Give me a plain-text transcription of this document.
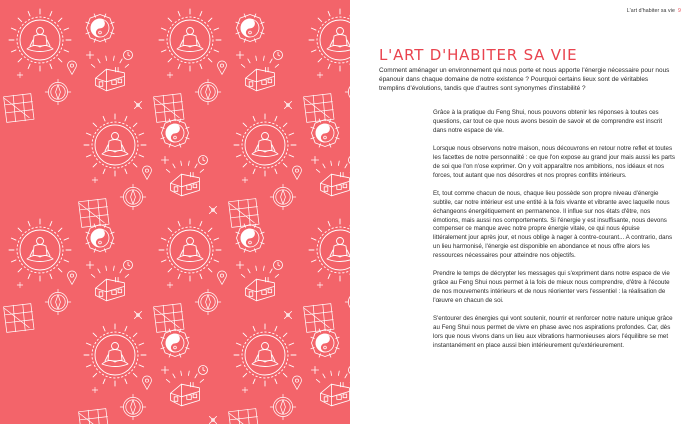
L'art d'habiter sa vie 9
L'ART D'HABITER SA VIE

Comment aménager un environnement qui nous porte et nous apporte l'énergie nécessaire pour nous épanouir dans chaque domaine de notre existence ? Pourquoi certains lieux sont de véritables tremplins d'évolutions, tandis que d'autres sont synonymes d'instabilité ?

Grâce à la pratique du Feng Shui, nous pouvons obtenir les réponses à toutes ces questions, car tout ce que nous avons besoin de savoir et de comprendre est inscrit dans notre espace de vie.

Lorsque nous observons notre maison, nous découvrons en retour notre reflet et toutes les facettes de notre personnalité : ce que l'on expose au grand jour mais aussi les parts de soi que l'on n'ose exprimer. On y voit apparaître nos ambitions, nos idéaux et nos forces, tout autant que nos désordres et nos propres conflits intérieurs.

Et, tout comme chacun de nous, chaque lieu possède son propre niveau d'énergie subtile, car notre intérieur est une entité à la fois vivante et vibrante avec laquelle nous échangeons énergétiquement en permanence. Il influe sur nos états d'être, nos émotions, mais aussi nos comportements. Si l'énergie y est insuffisante, nous devons compenser ce manque avec notre propre énergie vitale, ce qui nous épuise littéralement jour après jour, et nous oblige à nager à contre-courant... A contrario, dans un lieu harmonisé, l'énergie est disponible en abondance et nous offre alors les ressources nécessaires pour atteindre nos objectifs.

Prendre le temps de décrypter les messages qui s'expriment dans notre espace de vie grâce au Feng Shui nous permet à la fois de mieux nous comprendre, d'être à l'écoute de nos mouvements intérieurs et de nous réorienter vers l'essentiel : la réalisation de l'œuvre en chacun de soi.

S'entourer des énergies qui vont soutenir, nourrir et renforcer notre nature unique grâce au Feng Shui nous permet de vivre en phase avec nos aspirations profondes. Car, dès lors que nous vivons dans un lieu aux vibrations harmonieuses alors l'équilibre se met instantanément en place aussi bien intérieurement qu'extérieurement.
